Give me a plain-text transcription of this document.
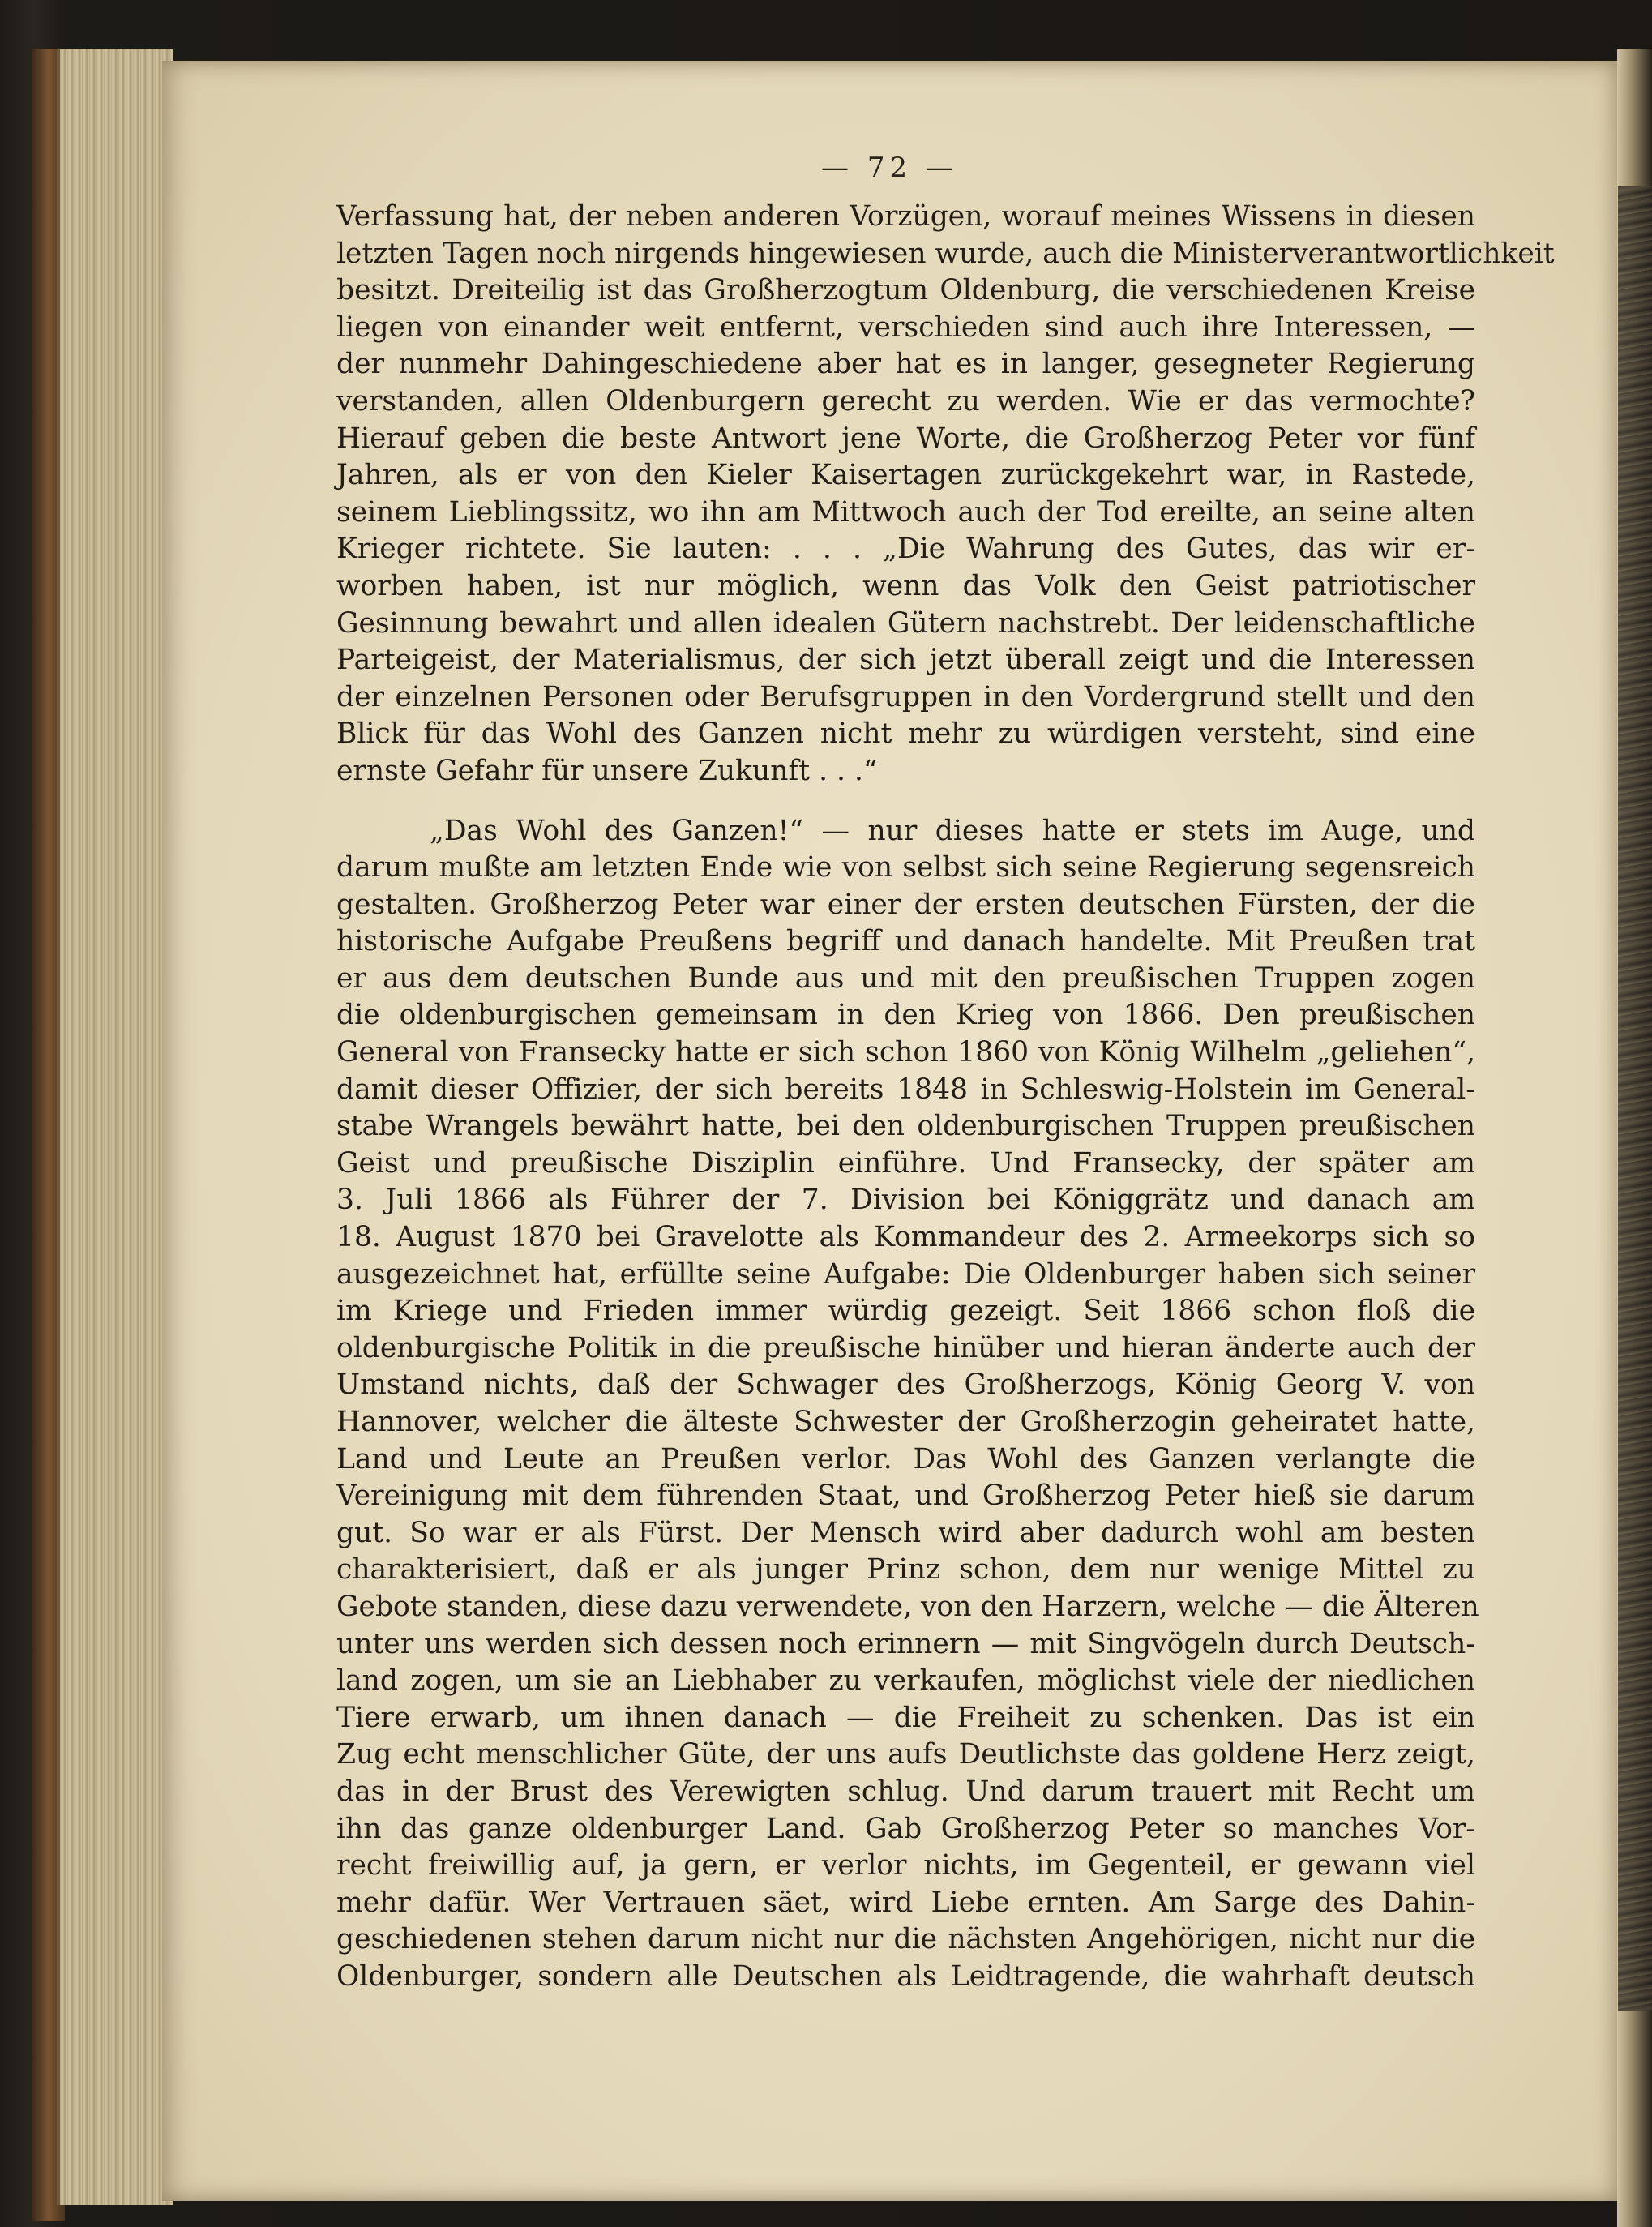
— 72 —
Verfassung hat, der neben anderen Vorzügen, worauf meines Wissens in diesen
letzten Tagen noch nirgends hingewiesen wurde, auch die Ministerverantwortlichkeit
besitzt. Dreiteilig ist das Großherzogtum Oldenburg, die verschiedenen Kreise
liegen von einander weit entfernt, verschieden sind auch ihre Interessen, —
der nunmehr Dahingeschiedene aber hat es in langer, gesegneter Regierung
verstanden, allen Oldenburgern gerecht zu werden. Wie er das vermochte?
Hierauf geben die beste Antwort jene Worte, die Großherzog Peter vor fünf
Jahren, als er von den Kieler Kaisertagen zurückgekehrt war, in Rastede,
seinem Lieblingssitz, wo ihn am Mittwoch auch der Tod ereilte, an seine alten
Krieger richtete. Sie lauten: . . . „Die Wahrung des Gutes, das wir er-
worben haben, ist nur möglich, wenn das Volk den Geist patriotischer
Gesinnung bewahrt und allen idealen Gütern nachstrebt. Der leidenschaftliche
Parteigeist, der Materialismus, der sich jetzt überall zeigt und die Interessen
der einzelnen Personen oder Berufsgruppen in den Vordergrund stellt und den
Blick für das Wohl des Ganzen nicht mehr zu würdigen versteht, sind eine
ernste Gefahr für unsere Zukunft . . .“
„Das Wohl des Ganzen!“ — nur dieses hatte er stets im Auge, und
darum mußte am letzten Ende wie von selbst sich seine Regierung segensreich
gestalten. Großherzog Peter war einer der ersten deutschen Fürsten, der die
historische Aufgabe Preußens begriff und danach handelte. Mit Preußen trat
er aus dem deutschen Bunde aus und mit den preußischen Truppen zogen
die oldenburgischen gemeinsam in den Krieg von 1866. Den preußischen
General von Fransecky hatte er sich schon 1860 von König Wilhelm „geliehen“,
damit dieser Offizier, der sich bereits 1848 in Schleswig-Holstein im General-
stabe Wrangels bewährt hatte, bei den oldenburgischen Truppen preußischen
Geist und preußische Disziplin einführe. Und Fransecky, der später am
3. Juli 1866 als Führer der 7. Division bei Königgrätz und danach am
18. August 1870 bei Gravelotte als Kommandeur des 2. Armeekorps sich so
ausgezeichnet hat, erfüllte seine Aufgabe: Die Oldenburger haben sich seiner
im Kriege und Frieden immer würdig gezeigt. Seit 1866 schon floß die
oldenburgische Politik in die preußische hinüber und hieran änderte auch der
Umstand nichts, daß der Schwager des Großherzogs, König Georg V. von
Hannover, welcher die älteste Schwester der Großherzogin geheiratet hatte,
Land und Leute an Preußen verlor. Das Wohl des Ganzen verlangte die
Vereinigung mit dem führenden Staat, und Großherzog Peter hieß sie darum
gut. So war er als Fürst. Der Mensch wird aber dadurch wohl am besten
charakterisiert, daß er als junger Prinz schon, dem nur wenige Mittel zu
Gebote standen, diese dazu verwendete, von den Harzern, welche — die Älteren
unter uns werden sich dessen noch erinnern — mit Singvögeln durch Deutsch-
land zogen, um sie an Liebhaber zu verkaufen, möglichst viele der niedlichen
Tiere erwarb, um ihnen danach — die Freiheit zu schenken. Das ist ein
Zug echt menschlicher Güte, der uns aufs Deutlichste das goldene Herz zeigt,
das in der Brust des Verewigten schlug. Und darum trauert mit Recht um
ihn das ganze oldenburger Land. Gab Großherzog Peter so manches Vor-
recht freiwillig auf, ja gern, er verlor nichts, im Gegenteil, er gewann viel
mehr dafür. Wer Vertrauen säet, wird Liebe ernten. Am Sarge des Dahin-
geschiedenen stehen darum nicht nur die nächsten Angehörigen, nicht nur die
Oldenburger, sondern alle Deutschen als Leidtragende, die wahrhaft deutsch
